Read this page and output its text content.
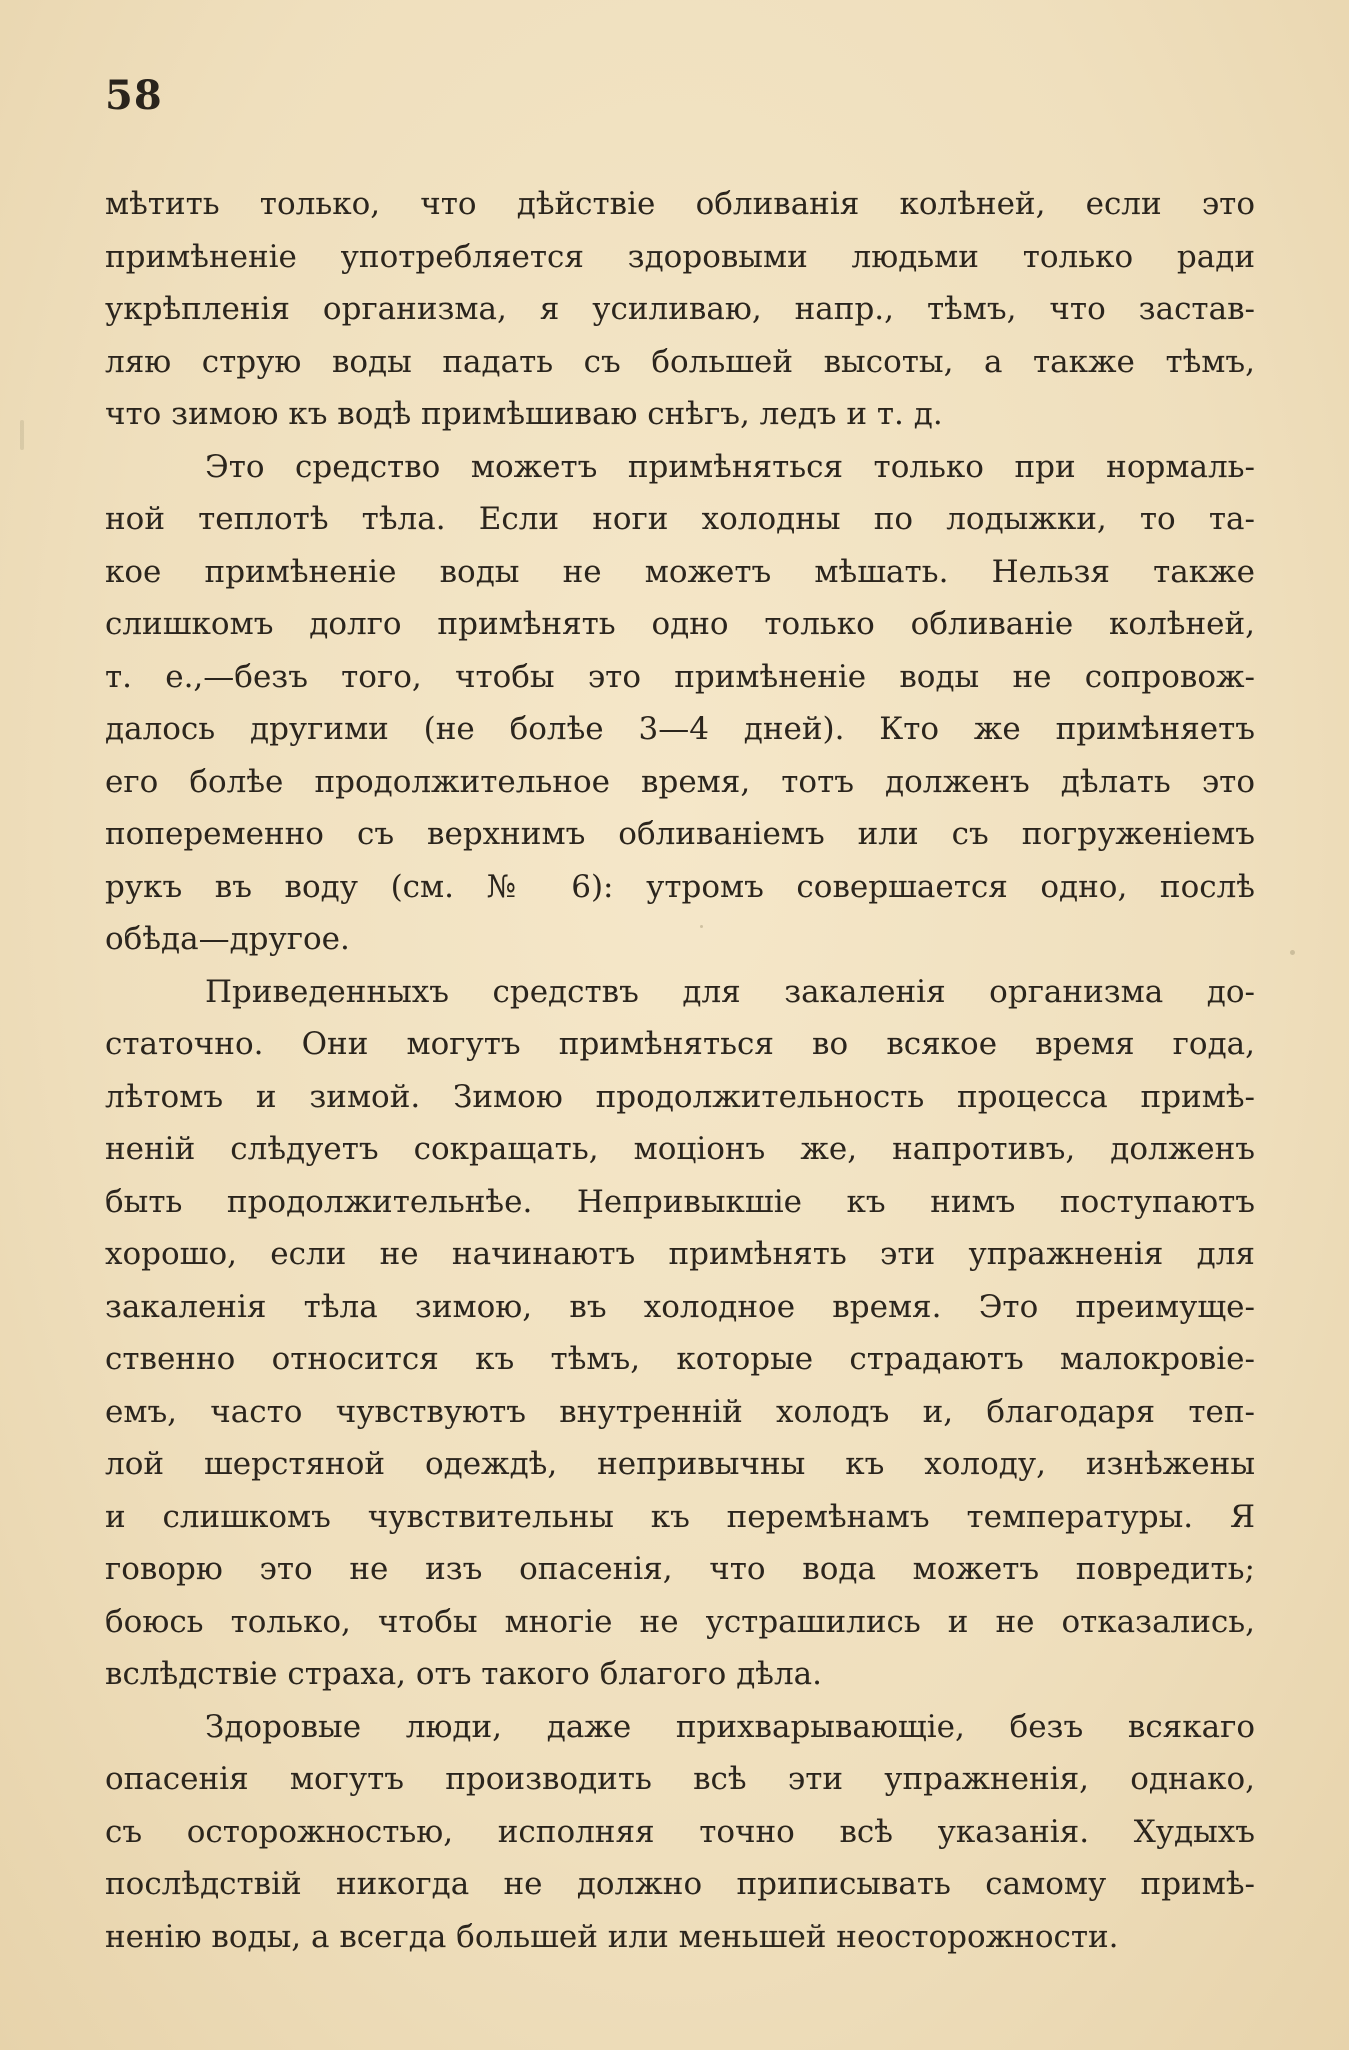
58
мѣтить только, что дѣйствіе обливанія колѣней, если это
примѣненіе употребляется здоровыми людьми только ради
укрѣпленія организма, я усиливаю, напр., тѣмъ, что застав-
ляю струю воды падать съ большей высоты, а также тѣмъ,
что зимою къ водѣ примѣшиваю снѣгъ, ледъ и т. д.
Это средство можетъ примѣняться только при нормаль-
ной теплотѣ тѣла. Если ноги холодны по лодыжки, то та-
кое примѣненіе воды не можетъ мѣшать. Нельзя также
слишкомъ долго примѣнять одно только обливаніе колѣней,
т. е.,—безъ того, чтобы это примѣненіе воды не сопровож-
далось другими (не болѣе 3—4 дней). Кто же примѣняетъ
его болѣе продолжительное время, тотъ долженъ дѣлать это
попеременно съ верхнимъ обливаніемъ или съ погруженіемъ
рукъ въ воду (см. № 6): утромъ совершается одно, послѣ
обѣда—другое.
Приведенныхъ средствъ для закаленія организма до-
статочно. Они могутъ примѣняться во всякое время года,
лѣтомъ и зимой. Зимою продолжительность процесса примѣ-
неній слѣдуетъ сокращать, моціонъ же, напротивъ, долженъ
быть продолжительнѣе. Непривыкшіе къ нимъ поступаютъ
хорошо, если не начинаютъ примѣнять эти упражненія для
закаленія тѣла зимою, въ холодное время. Это преимуще-
ственно относится къ тѣмъ, которые страдаютъ малокровіе-
емъ, часто чувствуютъ внутренній холодъ и, благодаря теп-
лой шерстяной одеждѣ, непривычны къ холоду, изнѣжены
и слишкомъ чувствительны къ перемѣнамъ температуры. Я
говорю это не изъ опасенія, что вода можетъ повредить;
боюсь только, чтобы многіе не устрашились и не отказались,
вслѣдствіе страха, отъ такого благого дѣла.
Здоровые люди, даже прихварывающіе, безъ всякаго
опасенія могутъ производить всѣ эти упражненія, однако,
съ осторожностью, исполняя точно всѣ указанія. Худыхъ
послѣдствій никогда не должно приписывать самому примѣ-
ненію воды, а всегда большей или меньшей неосторожности.
